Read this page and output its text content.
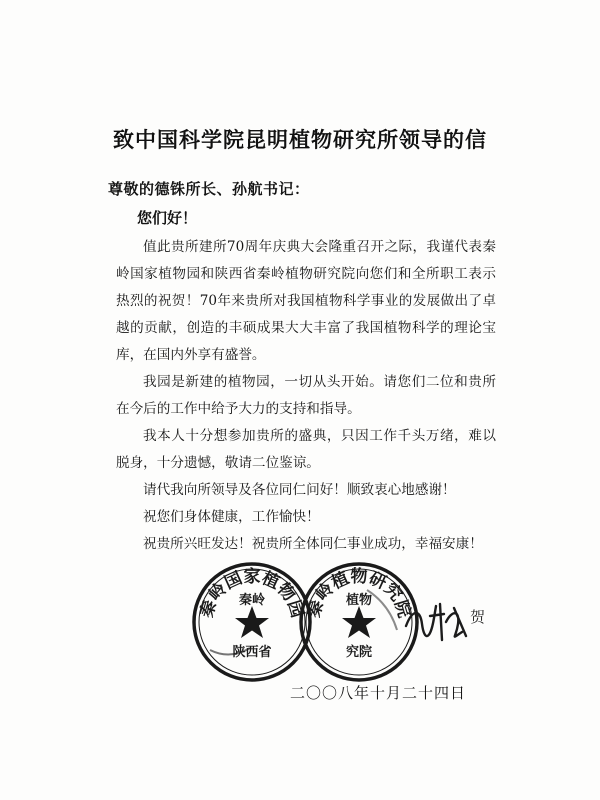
致中国科学院昆明植物研究所领导的信
尊敬的德铢所长、孙航书记：
您们好！

值此贵所建所70周年庆典大会隆重召开之际，我谨代表秦岭国家植物园和陕西省秦岭植物研究院向您们和全所职工表示热烈的祝贺！70年来贵所对我国植物科学事业的发展做出了卓越的贡献，创造的丰硕成果大大丰富了我国植物科学的理论宝库，在国内外享有盛誉。

我园是新建的植物园，一切从头开始。请您们二位和贵所在今后的工作中给予大力的支持和指导。

我本人十分想参加贵所的盛典，只因工作千头万绪，难以脱身，十分遗憾，敬请二位鉴谅。

请代我向所领导及各位同仁问好！顺致衷心地感谢！
祝您们身体健康，工作愉快！
祝贵所兴旺发达！祝贵所全体同仁事业成功，幸福安康！
秦岭国家植物园
秦岭
陕西省
秦岭植物研究院
植物
究院
贺
二〇〇八年十月二十四日
